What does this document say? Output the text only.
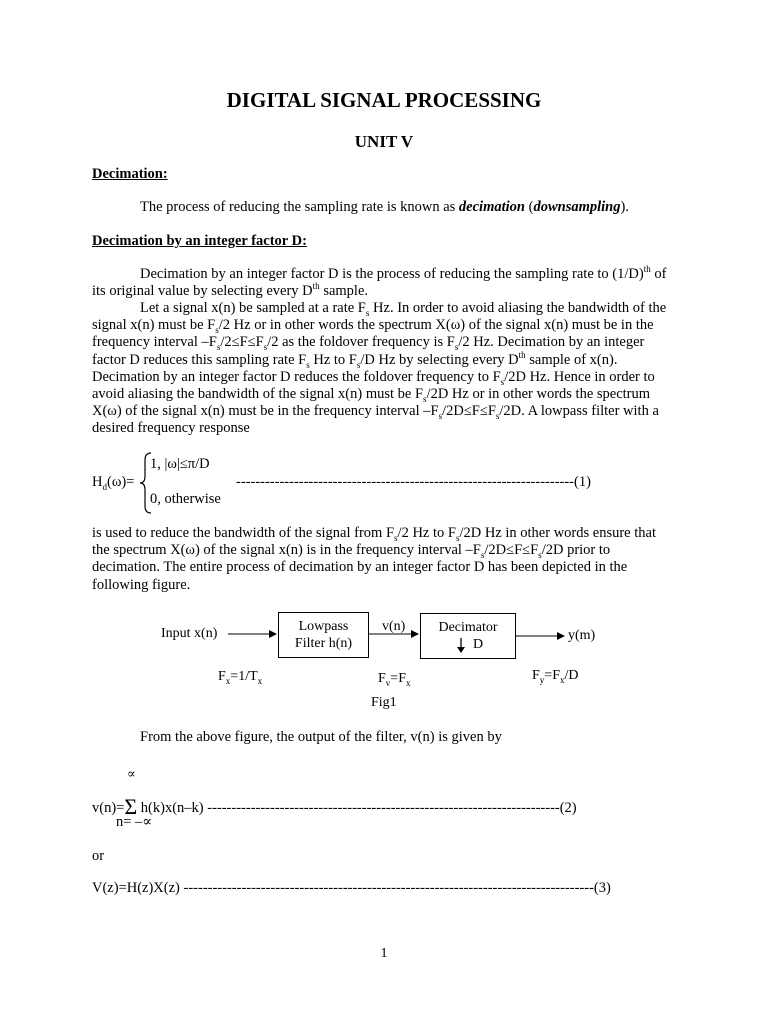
DIGITAL SIGNAL PROCESSING
UNIT V
Decimation:
The process of reducing the sampling rate is known as decimation (downsampling).
Decimation by an integer factor D:
Decimation by an integer factor D is the process of reducing the sampling rate to $(1/D)^{th}$ of its original value by selecting every Dth sample.
Let a signal x(n) be sampled at a rate $F_s$ Hz. In order to avoid aliasing the bandwidth of the signal x(n) must be $F_s/2$ Hz or in other words the spectrum X(ω) of the signal x(n) must be in the frequency interval $-F_s/2\le F\le F_s/2$ as the foldover frequency is $F_s/2$ Hz. Decimation by an integer factor D reduces this sampling rate $F_s$ Hz to $F_s/D$ Hz by selecting every Dth sample of x(n). Decimation by an integer factor D reduces the foldover frequency to $F_s/2D$ Hz. Hence in order to avoid aliasing the bandwidth of the signal x(n) must be $F_s/2D$ Hz or in other words the spectrum X(ω) of the signal x(n) must be in the frequency interval $-F_s/2D\le F\le F_s/2D$. A lowpass filter with a desired frequency response
$H_d(\omega)=$
1, |ω|≤π/D
0, otherwise
----------------------------------------------------------------------(1)
is used to reduce the bandwidth of the signal from $F_s/2$ Hz to $F_s/2D$ Hz in other words ensure that the spectrum X(ω) of the signal x(n) is in the frequency interval $-F_s/2D\le F\le F_s/2D$ prior to decimation. The entire process of decimation by an integer factor D has been depicted in the following figure.
Input x(n)	Lowpass
Filter h(n)
v(n)	Decimator
D
y(m)
$F_x=1/T_x$	$F_v=F_x$	$F_y=F_x/D$
Fig1
From the above figure, the output of the filter, v(n) is given by
∝
v(n)=Σ h(k)x(n–k) -------------------------------------------------------------------------(2)
n= –∝
or
V(z)=H(z)X(z) -------------------------------------------------------------------------------------(3)
1
